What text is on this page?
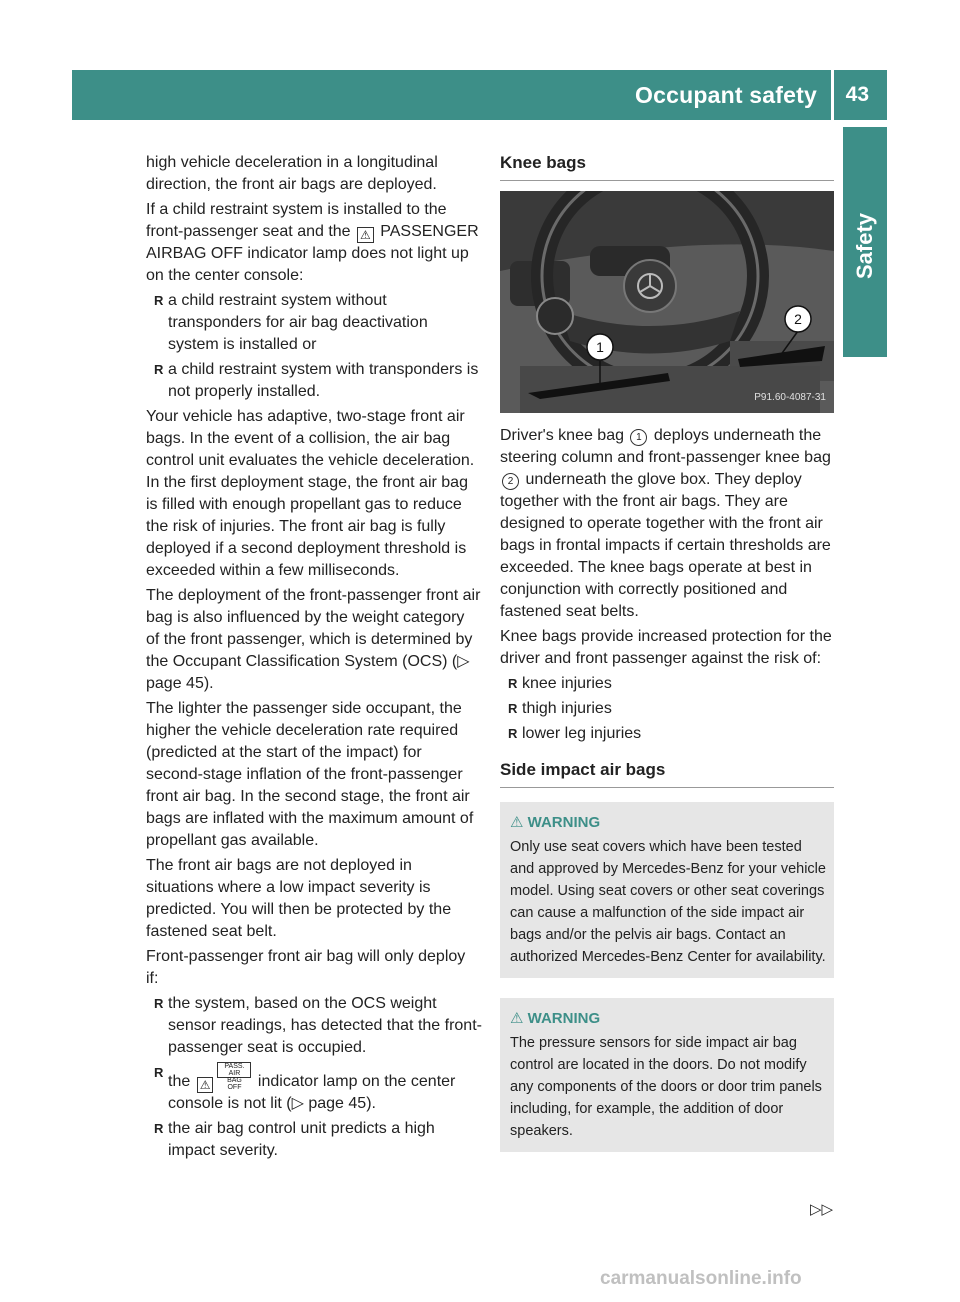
Occupant safety 43
Safety

high vehicle deceleration in a longitudinal direction, the front air bags are deployed.

If a child restraint system is installed to the front-passenger seat and the ⚠︎ PASSENGER AIRBAG OFF indicator lamp does not light up on the center console:

R a child restraint system without transponders for air bag deactivation system is installed or
R a child restraint system with transponders is not properly installed.

Your vehicle has adaptive, two-stage front air bags. In the event of a collision, the air bag control unit evaluates the vehicle deceleration. In the first deployment stage, the front air bag is filled with enough propellant gas to reduce the risk of injuries. The front air bag is fully deployed if a second deployment threshold is exceeded within a few milliseconds.

The deployment of the front-passenger front air bag is also influenced by the weight category of the front passenger, which is determined by the Occupant Classification System (OCS) (▷ page 45).

The lighter the passenger side occupant, the higher the vehicle deceleration rate required (predicted at the start of the impact) for second-stage inflation of the front-passenger front air bag. In the second stage, the front air bags are inflated with the maximum amount of propellant gas available.

The front air bags are not deployed in situations where a low impact severity is predicted. You will then be protected by the fastened seat belt.

Front-passenger front air bag will only deploy if:

R the system, based on the OCS weight sensor readings, has detected that the front-passenger seat is occupied.
R the ⚠︎PASS. AIR BAG OFF indicator lamp on the center console is not lit (▷ page 45).
R the air bag control unit predicts a high impact severity.
Knee bags
1
2
P91.60-4087-31

Driver's knee bag 1 deploys underneath the steering column and front-passenger knee bag 2 underneath the glove box. They deploy together with the front air bags. They are designed to operate together with the front air bags in frontal impacts if certain thresholds are exceeded. The knee bags operate at best in conjunction with correctly positioned and fastened seat belts.

Knee bags provide increased protection for the driver and front passenger against the risk of:

R knee injuries
R thigh injuries
R lower leg injuries
Side impact air bags
⚠ WARNING
Only use seat covers which have been tested and approved by Mercedes-Benz for your vehicle model. Using seat covers or other seat coverings can cause a malfunction of the side impact air bags and/or the pelvis air bags. Contact an authorized Mercedes-Benz Center for availability.
⚠ WARNING
The pressure sensors for side impact air bag control are located in the doors. Do not modify any components of the doors or door trim panels including, for example, the addition of door speakers.
▷▷
carmanualsonline.info
